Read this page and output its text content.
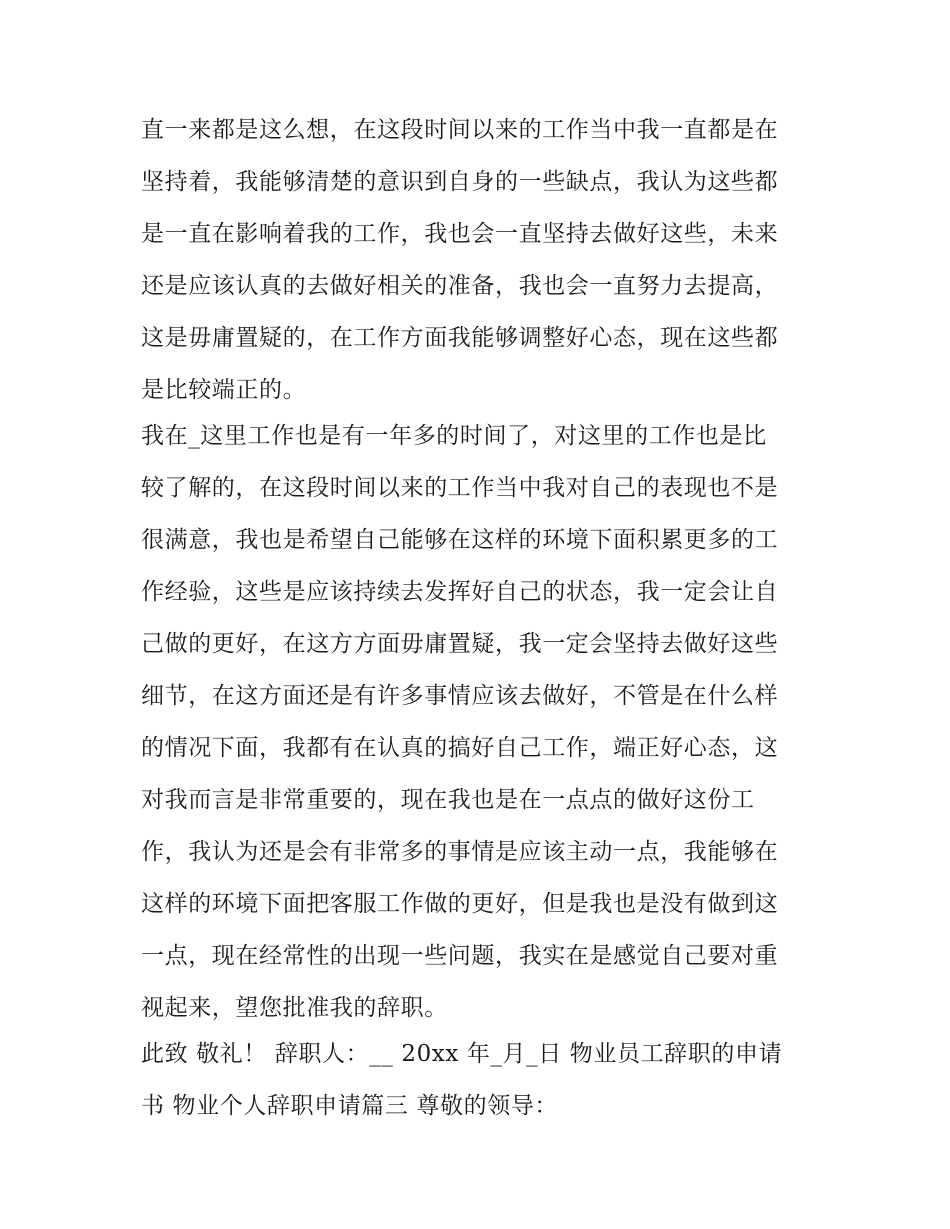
直一来都是这么想，在这段时间以来的工作当中我一直都是在
坚持着，我能够清楚的意识到自身的一些缺点，我认为这些都
是一直在影响着我的工作，我也会一直坚持去做好这些，未来
还是应该认真的去做好相关的准备，我也会一直努力去提高，
这是毋庸置疑的，在工作方面我能够调整好心态，现在这些都
是比较端正的。
我在_这里工作也是有一年多的时间了，对这里的工作也是比
较了解的，在这段时间以来的工作当中我对自己的表现也不是
很满意，我也是希望自己能够在这样的环境下面积累更多的工
作经验，这些是应该持续去发挥好自己的状态，我一定会让自
己做的更好，在这方方面毋庸置疑，我一定会坚持去做好这些
细节，在这方面还是有许多事情应该去做好，不管是在什么样
的情况下面，我都有在认真的搞好自己工作，端正好心态，这
对我而言是非常重要的，现在我也是在一点点的做好这份工
作，我认为还是会有非常多的事情是应该主动一点，我能够在
这样的环境下面把客服工作做的更好，但是我也是没有做到这
一点，现在经常性的出现一些问题，我实在是感觉自己要对重
视起来，望您批准我的辞职。
此致 敬礼！ 辞职人：__ 20xx 年_月_日 物业员工辞职的申请
书 物业个人辞职申请篇三 尊敬的领导：
